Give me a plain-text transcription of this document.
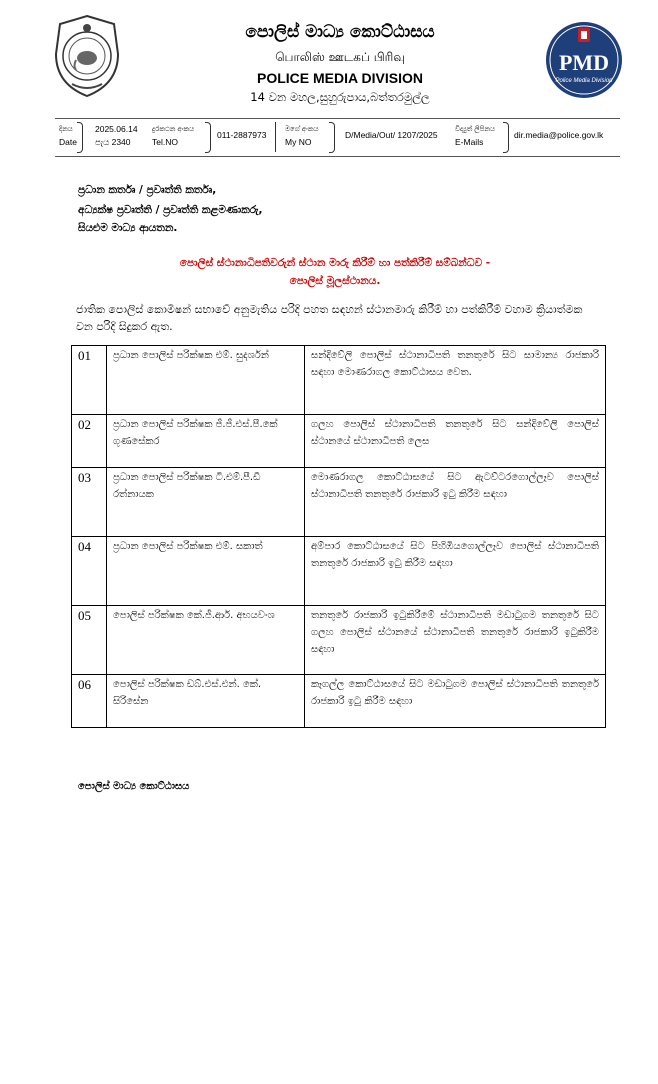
පොලිස් මාධ්‍ය කොට්ඨාසය
பொலிஸ் ஊடகப் பிரிவு
POLICE MEDIA DIVISION
14 වන මහල,සුහුරුපාය,බත්තරමුල්ල
PMD
Police Media Division
දිනය
Date
2025.06.14
පැය 2340
දුරකථන අංකය
Tel.NO
011-2887973
මගේ අංකය
My NO
D/Media/Out/ 1207/2025
විද්‍යුත් ලිපිනය
E-Mails
dir.media@police.gov.lk
ප්‍රධාන කර්තෘ / ප්‍රවෘත්ති කර්තෘ,
අධ්‍යක්ෂ ප්‍රවෘත්ති / ප්‍රවෘත්ති කළමණාකරු,
සියළුම මාධ්‍ය ආයතන.
පොලිස් ස්ථානාධිපතිවරුන් ස්ථාන මාරු කිරීම් හා පත්කිරීම් සම්බන්ධව -
පොලිස් මූලස්ථානය.
ජාතික පොලිස් කොමිෂන් සභාවේ අනුමැතිය පරිදි පහත සඳහන් ස්ථානමාරු කිරීම් හා පත්කිරීම් වහාම ක්‍රියාත්මක වන පරිදි සිදුකර ඇත.
01	ප්‍රධාන පොලිස් පරික්ෂක එම්. සුදර්ශන්	සන්දිවේලි පොලිස් ස්ථානාධිපති තනතුරේ සිට සාමාන්‍ය රාජකාරි සඳහා මොණරාගල කොට්ඨාසය වෙත.
02	ප්‍රධාන පොලිස් පරික්ෂක ජී.ජී.එස්.පී.කේ ගුණසේකර	ගලහ පොලිස් ස්ථානාධිපති තනතුරේ සිට සන්දිවේලි පොලිස් ස්ථානයේ ස්ථානාධිපති ලෙස
03	ප්‍රධාන පොලිස් පරික්ෂක ටී.එම්.පී.ඩී රත්නායක	මොණරාගල කොට්ඨාසයේ සිට ඇටව්ටරගොල්ලෑව පොලිස් ස්ථානාධිපති තනතුරේ රාජකාරි ඉටු කිරීම සඳහා
04	ප්‍රධාන පොලිස් පරික්ෂක එම්. සකාත්	අම්පාර කොට්ඨාසයේ සිට පිහිඹියගොල්ලෑව පොලිස් ස්ථානාධිපති තනතුරේ රාජකාරි ඉටු කිරීම සඳහා
05	පොලිස් පරික්ෂක කේ.ජී.ආර්. අභයවංශ	තනතුරේ රාජකාරි ඉටුකිරීමේ ස්ථානාධිපති මඩාටුගම තනතුරේ සිට ගලහ පොලිස් ස්ථානයේ ස්ථානාධිපති තනතුරේ රාජකාරි ඉටුකිරීම සඳහා
06	පොලිස් පරික්ෂක ඩබ්.එස්.එන්. කේ. සිරිසේන	කෑගල්ල කොට්ඨාසයේ සිට මඩාටුගම පොලිස් ස්ථානාධිපති තනතුරේ රාජකාරි ඉටු කිරීම සඳහා
පොලිස් මාධ්‍ය කොට්ඨාසය
